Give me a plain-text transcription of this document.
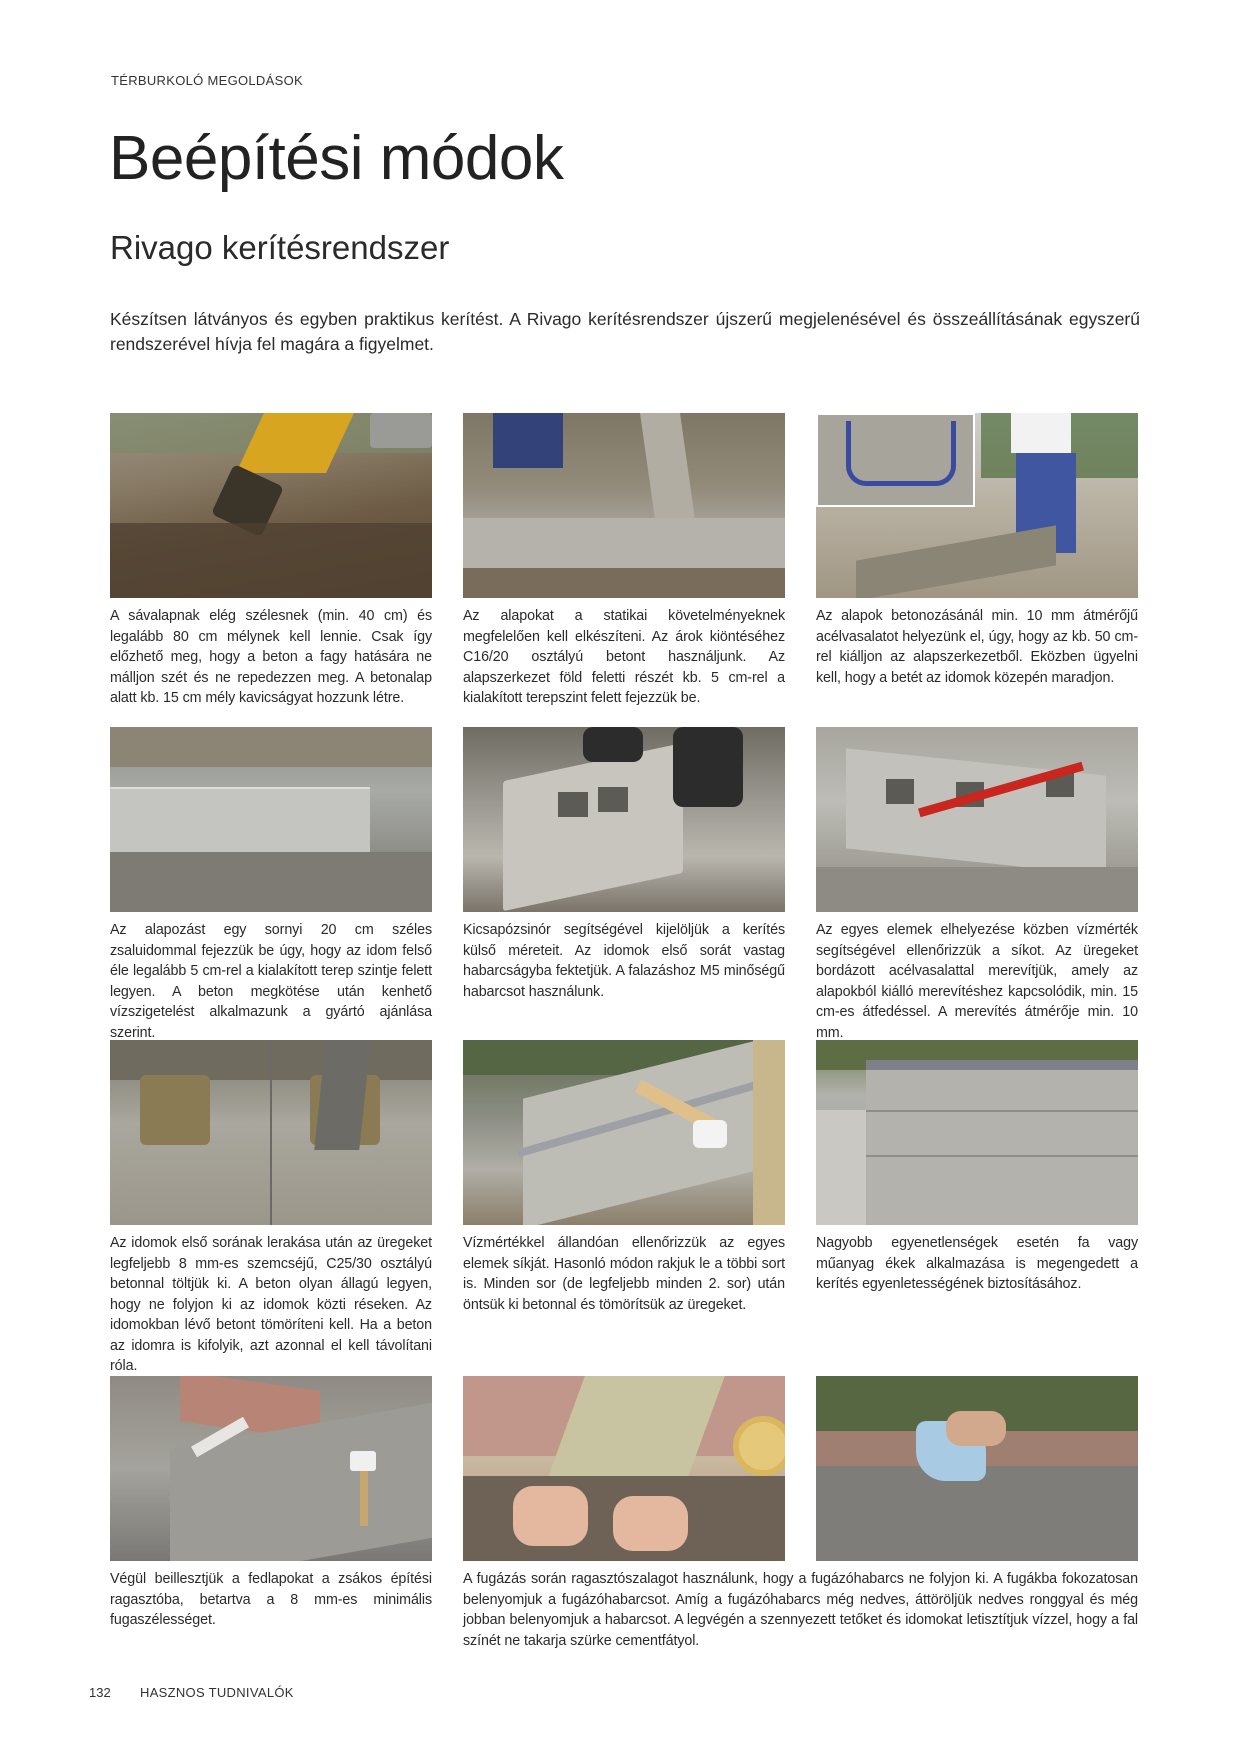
TÉRBURKOLÓ MEGOLDÁSOK
Beépítési módok
Rivago kerítésrendszer

Készítsen látványos és egyben praktikus kerítést. A Rivago kerítésrendszer újszerű megjelenésével és összeállításának egyszerű rendszerével hívja fel magára a figyelmet.

A sávalapnak elég szélesnek (min. 40 cm) és legalább 80 cm mélynek kell lennie. Csak így előzhető meg, hogy a beton a fagy hatására ne málljon szét és ne repedezzen meg. A betonalap alatt kb. 15 cm mély kavicságyat hozzunk létre.
Az alapokat a statikai követelményeknek megfelelően kell elkészíteni. Az árok kiöntéséhez C16/20 osztályú betont használjunk. Az alapszerkezet föld feletti részét kb. 5 cm-rel a kialakított terepszint felett fejezzük be.
Az alapok betonozásánál min. 10 mm átmérőjű acélvasalatot helyezünk el, úgy, hogy az kb. 50 cm-rel kiálljon az alapszerkezetből. Eközben ügyelni kell, hogy a betét az idomok közepén maradjon.
Az alapozást egy sornyi 20 cm széles zsaluidommal fejezzük be úgy, hogy az idom felső éle legalább 5 cm-rel a kialakított terep szintje felett legyen. A beton megkötése után kenhető vízszigetelést alkalmazunk a gyártó ajánlása szerint.
Kicsapózsinór segítségével kijelöljük a kerítés külső méreteit. Az idomok első sorát vastag habarcságyba fektetjük. A falazáshoz M5 minőségű habarcsot használunk.
Az egyes elemek elhelyezése közben vízmérték segítségével ellenőrizzük a síkot. Az üregeket bordázott acélvasalattal merevítjük, amely az alapokból kiálló merevítéshez kapcsolódik, min. 15 cm-es átfedéssel. A merevítés átmérője min. 10 mm.
Az idomok első sorának lerakása után az üregeket legfeljebb 8 mm-es szemcséjű, C25/30 osztályú betonnal töltjük ki. A beton olyan állagú legyen, hogy ne folyjon ki az idomok közti réseken. Az idomokban lévő betont tömöríteni kell. Ha a beton az idomra is kifolyik, azt azonnal el kell távolítani róla.
Vízmértékkel állandóan ellenőrizzük az egyes elemek síkját. Hasonló módon rakjuk le a többi sort is. Minden sor (de legfeljebb minden 2. sor) után öntsük ki betonnal és tömörítsük az üregeket.
Nagyobb egyenetlenségek esetén fa vagy műanyag ékek alkalmazása is megengedett a kerítés egyenletességének biztosításához.
Végül beillesztjük a fedlapokat a zsákos építési ragasztóba, betartva a 8 mm-es minimális fugaszélességet.
A fugázás során ragasztószalagot használunk, hogy a fugázóhabarcs ne folyjon ki. A fugákba fokozatosan belenyomjuk a fugázóhabarcsot. Amíg a fugázóhabarcs még nedves, áttöröljük nedves ronggyal és még jobban belenyomjuk a habarcsot. A legvégén a szennyezett tetőket és idomokat letisztítjuk vízzel, hogy a fal színét ne takarja szürke cementfátyol.
132 HASZNOS TUDNIVALÓK
